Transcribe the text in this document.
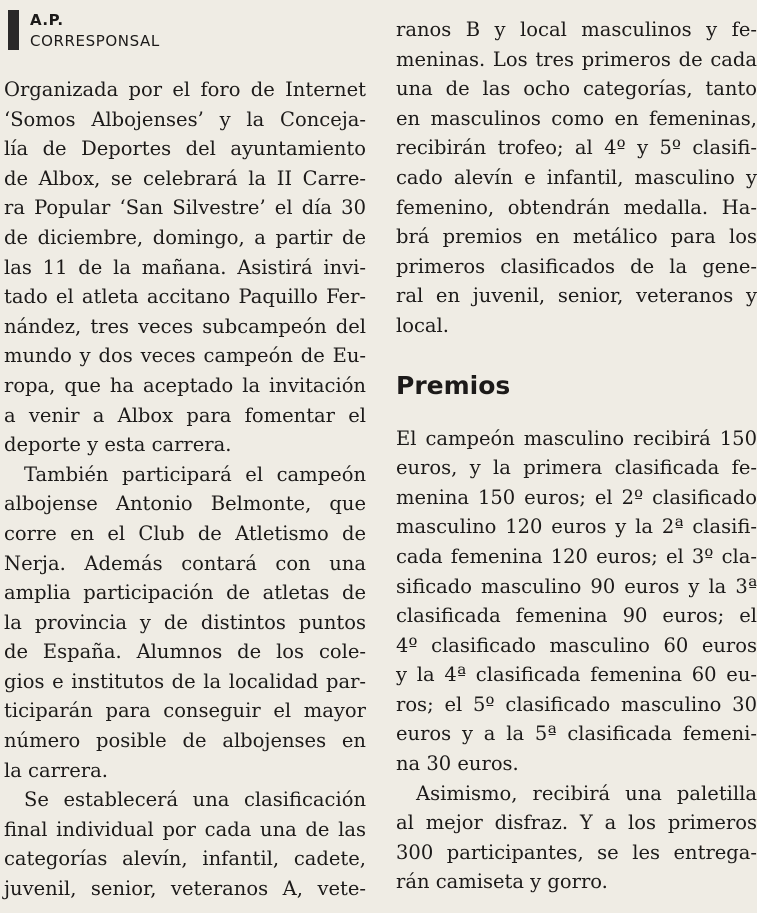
A.P.
CORRESPONSAL
Organizada por el foro de Internet
‘Somos Albojenses’ y la Conceja-
lía de Deportes del ayuntamiento
de Albox, se celebrará la II Carre-
ra Popular ‘San Silvestre’ el día 30
de diciembre, domingo, a partir de
las 11 de la mañana. Asistirá invi-
tado el atleta accitano Paquillo Fer-
nández, tres veces subcampeón del
mundo y dos veces campeón de Eu-
ropa, que ha aceptado la invitación
a venir a Albox para fomentar el
deporte y esta carrera.
También participará el campeón
albojense Antonio Belmonte, que
corre en el Club de Atletismo de
Nerja. Además contará con una
amplia participación de atletas de
la provincia y de distintos puntos
de España. Alumnos de los cole-
gios e institutos de la localidad par-
ticiparán para conseguir el mayor
número posible de albojenses en
la carrera.
Se establecerá una clasificación
final individual por cada una de las
categorías alevín, infantil, cadete,
juvenil, senior, veteranos A, vete-
ranos B y local masculinos y fe-
meninas. Los tres primeros de cada
una de las ocho categorías, tanto
en masculinos como en femeninas,
recibirán trofeo; al 4º y 5º clasifi-
cado alevín e infantil, masculino y
femenino, obtendrán medalla. Ha-
brá premios en metálico para los
primeros clasificados de la gene-
ral en juvenil, senior, veteranos y
local.
Premios
El campeón masculino recibirá 150
euros, y la primera clasificada fe-
menina 150 euros; el 2º clasificado
masculino 120 euros y la 2ª clasifi-
cada femenina 120 euros; el 3º cla-
sificado masculino 90 euros y la 3ª
clasificada femenina 90 euros; el
4º clasificado masculino 60 euros
y la 4ª clasificada femenina 60 eu-
ros; el 5º clasificado masculino 30
euros y a la 5ª clasificada femeni-
na 30 euros.
Asimismo, recibirá una paletilla
al mejor disfraz. Y a los primeros
300 participantes, se les entrega-
rán camiseta y gorro.
